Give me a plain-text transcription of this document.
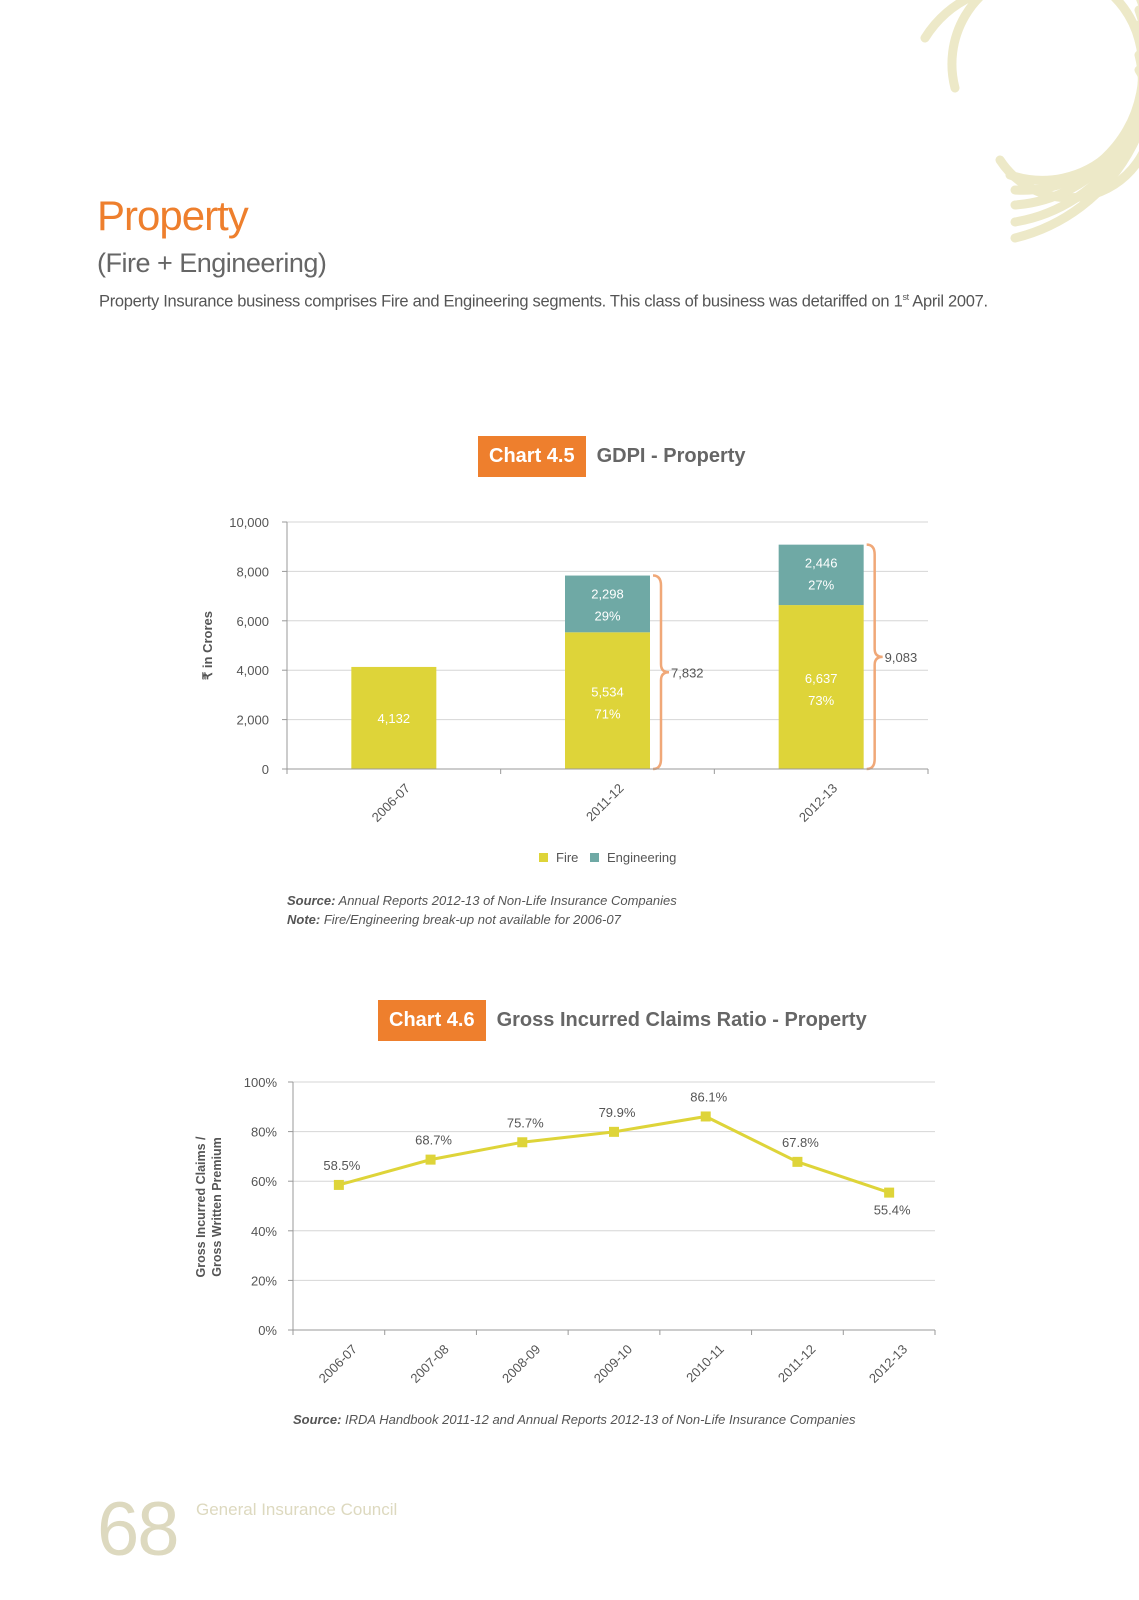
Property
(Fire + Engineering)
Property Insurance business comprises Fire and Engineering segments. This class of business was detariffed on 1st April 2007.
Chart 4.5	GDPI - Property
0
2,000
4,000
6,000
8,000
10,000
₹ in Crores
4,132
2006-07
2,298
29%
5,534
71%
7,832
2011-12
2,446
27%
6,637
73%
9,083
2012-13
Fire Engineering
Source: Annual Reports 2012-13 of Non-Life Insurance Companies
Note: Fire/Engineering break-up not available for 2006-07
Chart 4.6	Gross Incurred Claims Ratio - Property
0%
20%
40%
60%
80%
100%
Gross Incurred Claims / Gross Written Premium	58.5%
2006-07
68.7%
2007-08
75.7%
2008-09
79.9%
2009-10
86.1%
2010-11
67.8%
2011-12
55.4%
2012-13
Source: IRDA Handbook 2011-12 and Annual Reports 2012-13 of Non-Life Insurance Companies
68 General Insurance Council
